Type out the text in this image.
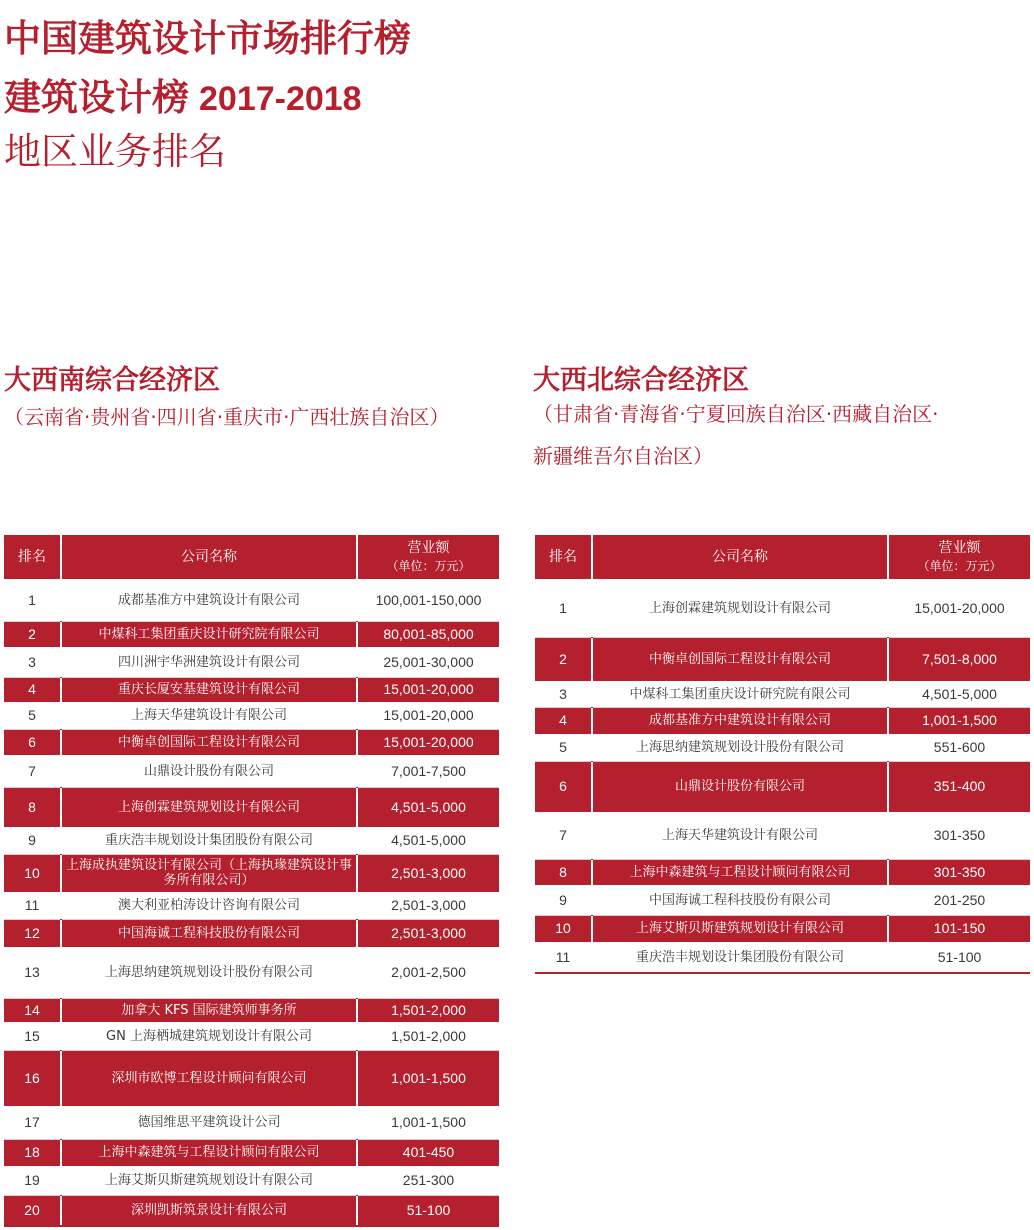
中国建筑设计市场排行榜
建筑设计榜 2017-2018
地区业务排名
大西南综合经济区
（云南省·贵州省·四川省·重庆市·广西壮族自治区）
大西北综合经济区
（甘肃省·青海省·宁夏回族自治区·西藏自治区·
新疆维吾尔自治区）
排名	公司名称	营业额
（单位：万元）
1	成都基准方中建筑设计有限公司	100,001-150,000
2	中煤科工集团重庆设计研究院有限公司	80,001-85,000
3	四川洲宇华洲建筑设计有限公司	25,001-30,000
4	重庆长厦安基建筑设计有限公司	15,001-20,000
5	上海天华建筑设计有限公司	15,001-20,000
6	中衡卓创国际工程设计有限公司	15,001-20,000
7	山鼎设计股份有限公司	7,001-7,500
8	上海创霖建筑规划设计有限公司	4,501-5,000
9	重庆浩丰规划设计集团股份有限公司	4,501-5,000
10	上海成执建筑设计有限公司（上海执瑑建筑设计事务所有限公司）	2,501-3,000
11	澳大利亚柏涛设计咨询有限公司	2,501-3,000
12	中国海诚工程科技股份有限公司	2,501-3,000
13	上海思纳建筑规划设计股份有限公司	2,001-2,500
14	加拿大 KFS 国际建筑师事务所	1,501-2,000
15	GN 上海栖城建筑规划设计有限公司	1,501-2,000
16	深圳市欧博工程设计顾问有限公司	1,001-1,500
17	德国维思平建筑设计公司	1,001-1,500
18	上海中森建筑与工程设计顾问有限公司	401-450
19	上海艾斯贝斯建筑规划设计有限公司	251-300
20	深圳凯斯筑景设计有限公司	51-100
排名	公司名称	营业额
（单位：万元）
1	上海创霖建筑规划设计有限公司	15,001-20,000
2	中衡卓创国际工程设计有限公司	7,501-8,000
3	中煤科工集团重庆设计研究院有限公司	4,501-5,000
4	成都基准方中建筑设计有限公司	1,001-1,500
5	上海思纳建筑规划设计股份有限公司	551-600
6	山鼎设计股份有限公司	351-400
7	上海天华建筑设计有限公司	301-350
8	上海中森建筑与工程设计顾问有限公司	301-350
9	中国海诚工程科技股份有限公司	201-250
10	上海艾斯贝斯建筑规划设计有限公司	101-150
11	重庆浩丰规划设计集团股份有限公司	51-100
